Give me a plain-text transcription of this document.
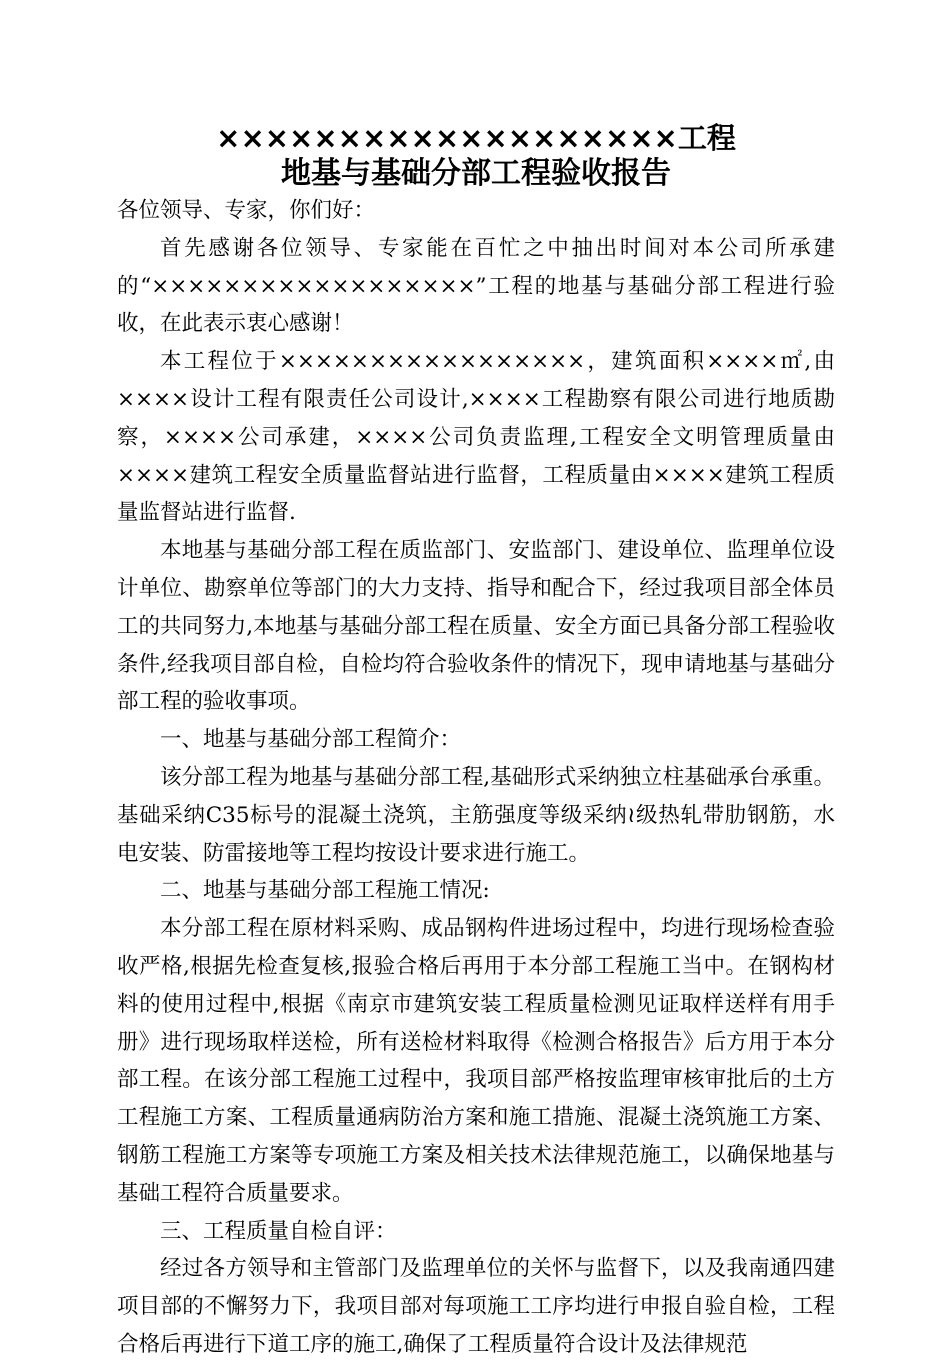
×××××××××××××××××××工程
地基与基础分部工程验收报告

各位领导、专家，你们好：

首先感谢各位领导、专家能在百忙之中抽出时间对本公司所承建的“××××××××××××××××××”工程的地基与基础分部工程进行验收，在此表示衷心感谢！

本工程位于×××××××××××××××××，建筑面积××××㎡,由××××设计工程有限责任公司设计,××××工程勘察有限公司进行地质勘察，××××公司承建，××××公司负责监理,工程安全文明管理质量由××××建筑工程安全质量监督站进行监督，工程质量由××××建筑工程质量监督站进行监督.

本地基与基础分部工程在质监部门、安监部门、建设单位、监理单位设计单位、勘察单位等部门的大力支持、指导和配合下，经过我项目部全体员工的共同努力,本地基与基础分部工程在质量、安全方面已具备分部工程验收条件,经我项目部自检，自检均符合验收条件的情况下，现申请地基与基础分部工程的验收事项。

一、地基与基础分部工程简介：

该分部工程为地基与基础分部工程,基础形式采纳独立柱基础承台承重。基础采纳C35标号的混凝土浇筑，主筋强度等级采纳≀级热轧带肋钢筋，水电安装、防雷接地等工程均按设计要求进行施工。

二、地基与基础分部工程施工情况:

本分部工程在原材料采购、成品钢构件进场过程中，均进行现场检查验收严格,根据先检查复核,报验合格后再用于本分部工程施工当中。在钢构材料的使用过程中,根据《南京市建筑安装工程质量检测见证取样送样有用手册》进行现场取样送检，所有送检材料取得《检测合格报告》后方用于本分部工程。在该分部工程施工过程中，我项目部严格按监理审核审批后的土方工程施工方案、工程质量通病防治方案和施工措施、混凝土浇筑施工方案、钢筋工程施工方案等专项施工方案及相关技术法律规范施工，以确保地基与基础工程符合质量要求。

三、工程质量自检自评：

经过各方领导和主管部门及监理单位的关怀与监督下，以及我南通四建项目部的不懈努力下，我项目部对每项施工工序均进行申报自验自检，工程合格后再进行下道工序的施工,确保了工程质量符合设计及法律规范
